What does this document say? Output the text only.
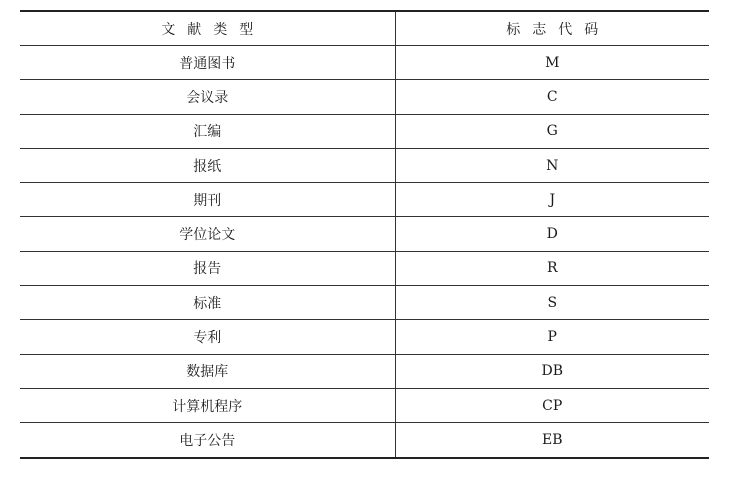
文献类型	标志代码
普通图书	M
会议录	C
汇编	G
报纸	N
期刊	J
学位论文	D
报告	R
标准	S
专利	P
数据库	DB
计算机程序	CP
电子公告	EB
